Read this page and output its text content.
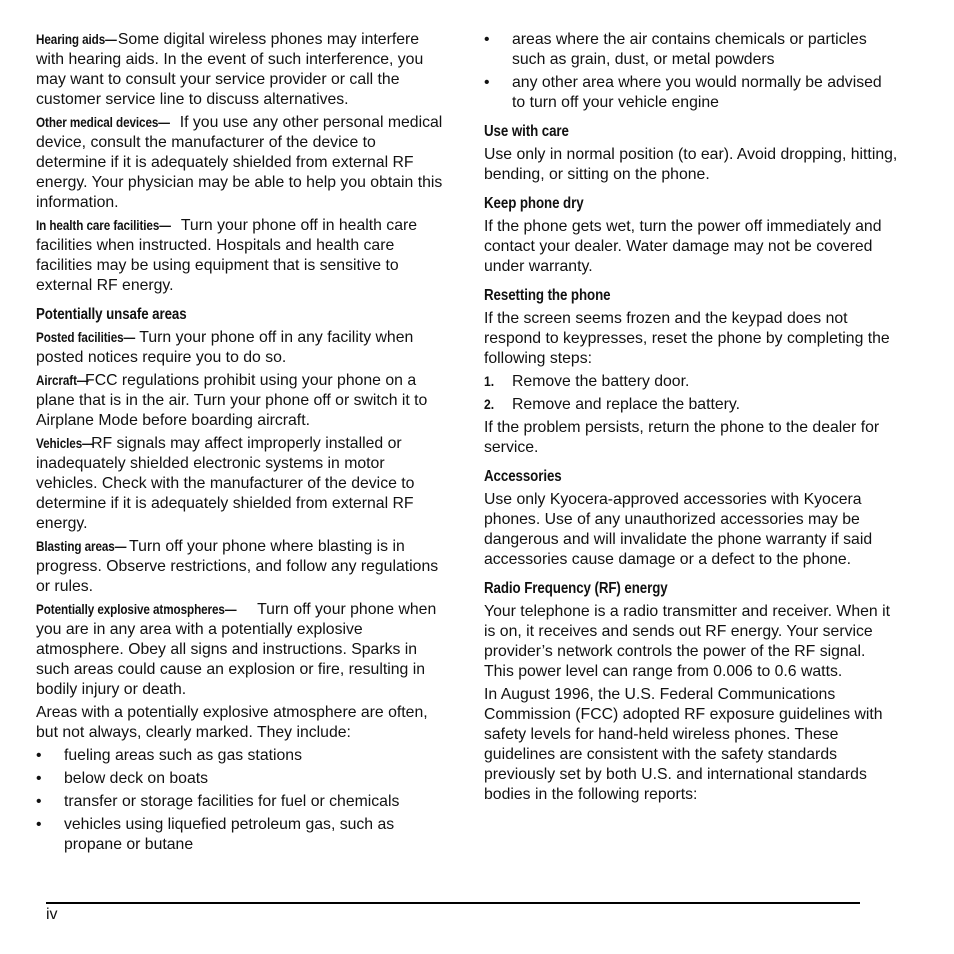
Hearing aids—Some digital wireless phones may interfere with hearing aids. In the event of such interference, you may want to consult your service provider or call the customer service line to discuss alternatives.

Other medical devices— If you use any other personal medical device, consult the manufacturer of the device to determine if it is adequately shielded from external RF energy. Your physician may be able to help you obtain this information.

In health care facilities— Turn your phone off in health care facilities when instructed. Hospitals and health care facilities may be using equipment that is sensitive to external RF energy.

Potentially unsafe areas

Posted facilities— Turn your phone off in any facility when posted notices require you to do so.

Aircraft—FCC regulations prohibit using your phone on a plane that is in the air. Turn your phone off or switch it to Airplane Mode before boarding aircraft.

Vehicles—RF signals may affect improperly installed or inadequately shielded electronic systems in motor vehicles. Check with the manufacturer of the device to determine if it is adequately shielded from external RF energy.

Blasting areas— Turn off your phone where blasting is in progress. Observe restrictions, and follow any regulations or rules.

Potentially explosive atmospheres— Turn off your phone when you are in any area with a potentially explosive atmosphere. Obey all signs and instructions. Sparks in such areas could cause an explosion or fire, resulting in bodily injury or death.

Areas with a potentially explosive atmosphere are often, but not always, clearly marked. They include:

• fueling areas such as gas stations
• below deck on boats
• transfer or storage facilities for fuel or chemicals
• vehicles using liquefied petroleum gas, such as propane or butane
• areas where the air contains chemicals or particles such as grain, dust, or metal powders
• any other area where you would normally be advised to turn off your vehicle engine
Use with care

Use only in normal position (to ear). Avoid dropping, hitting, bending, or sitting on the phone.

Keep phone dry

If the phone gets wet, turn the power off immediately and contact your dealer. Water damage may not be covered under warranty.

Resetting the phone

If the screen seems frozen and the keypad does not respond to keypresses, reset the phone by completing the following steps:

1. Remove the battery door.
2. Remove and replace the battery.

If the problem persists, return the phone to the dealer for service.

Accessories

Use only Kyocera-approved accessories with Kyocera phones. Use of any unauthorized accessories may be dangerous and will invalidate the phone warranty if said accessories cause damage or a defect to the phone.

Radio Frequency (RF) energy

Your telephone is a radio transmitter and receiver. When it is on, it receives and sends out RF energy. Your service provider’s network controls the power of the RF signal. This power level can range from 0.006 to 0.6 watts.

In August 1996, the U.S. Federal Communications Commission (FCC) adopted RF exposure guidelines with safety levels for hand-held wireless phones. These guidelines are consistent with the safety standards previously set by both U.S. and international standards bodies in the following reports:

iv
